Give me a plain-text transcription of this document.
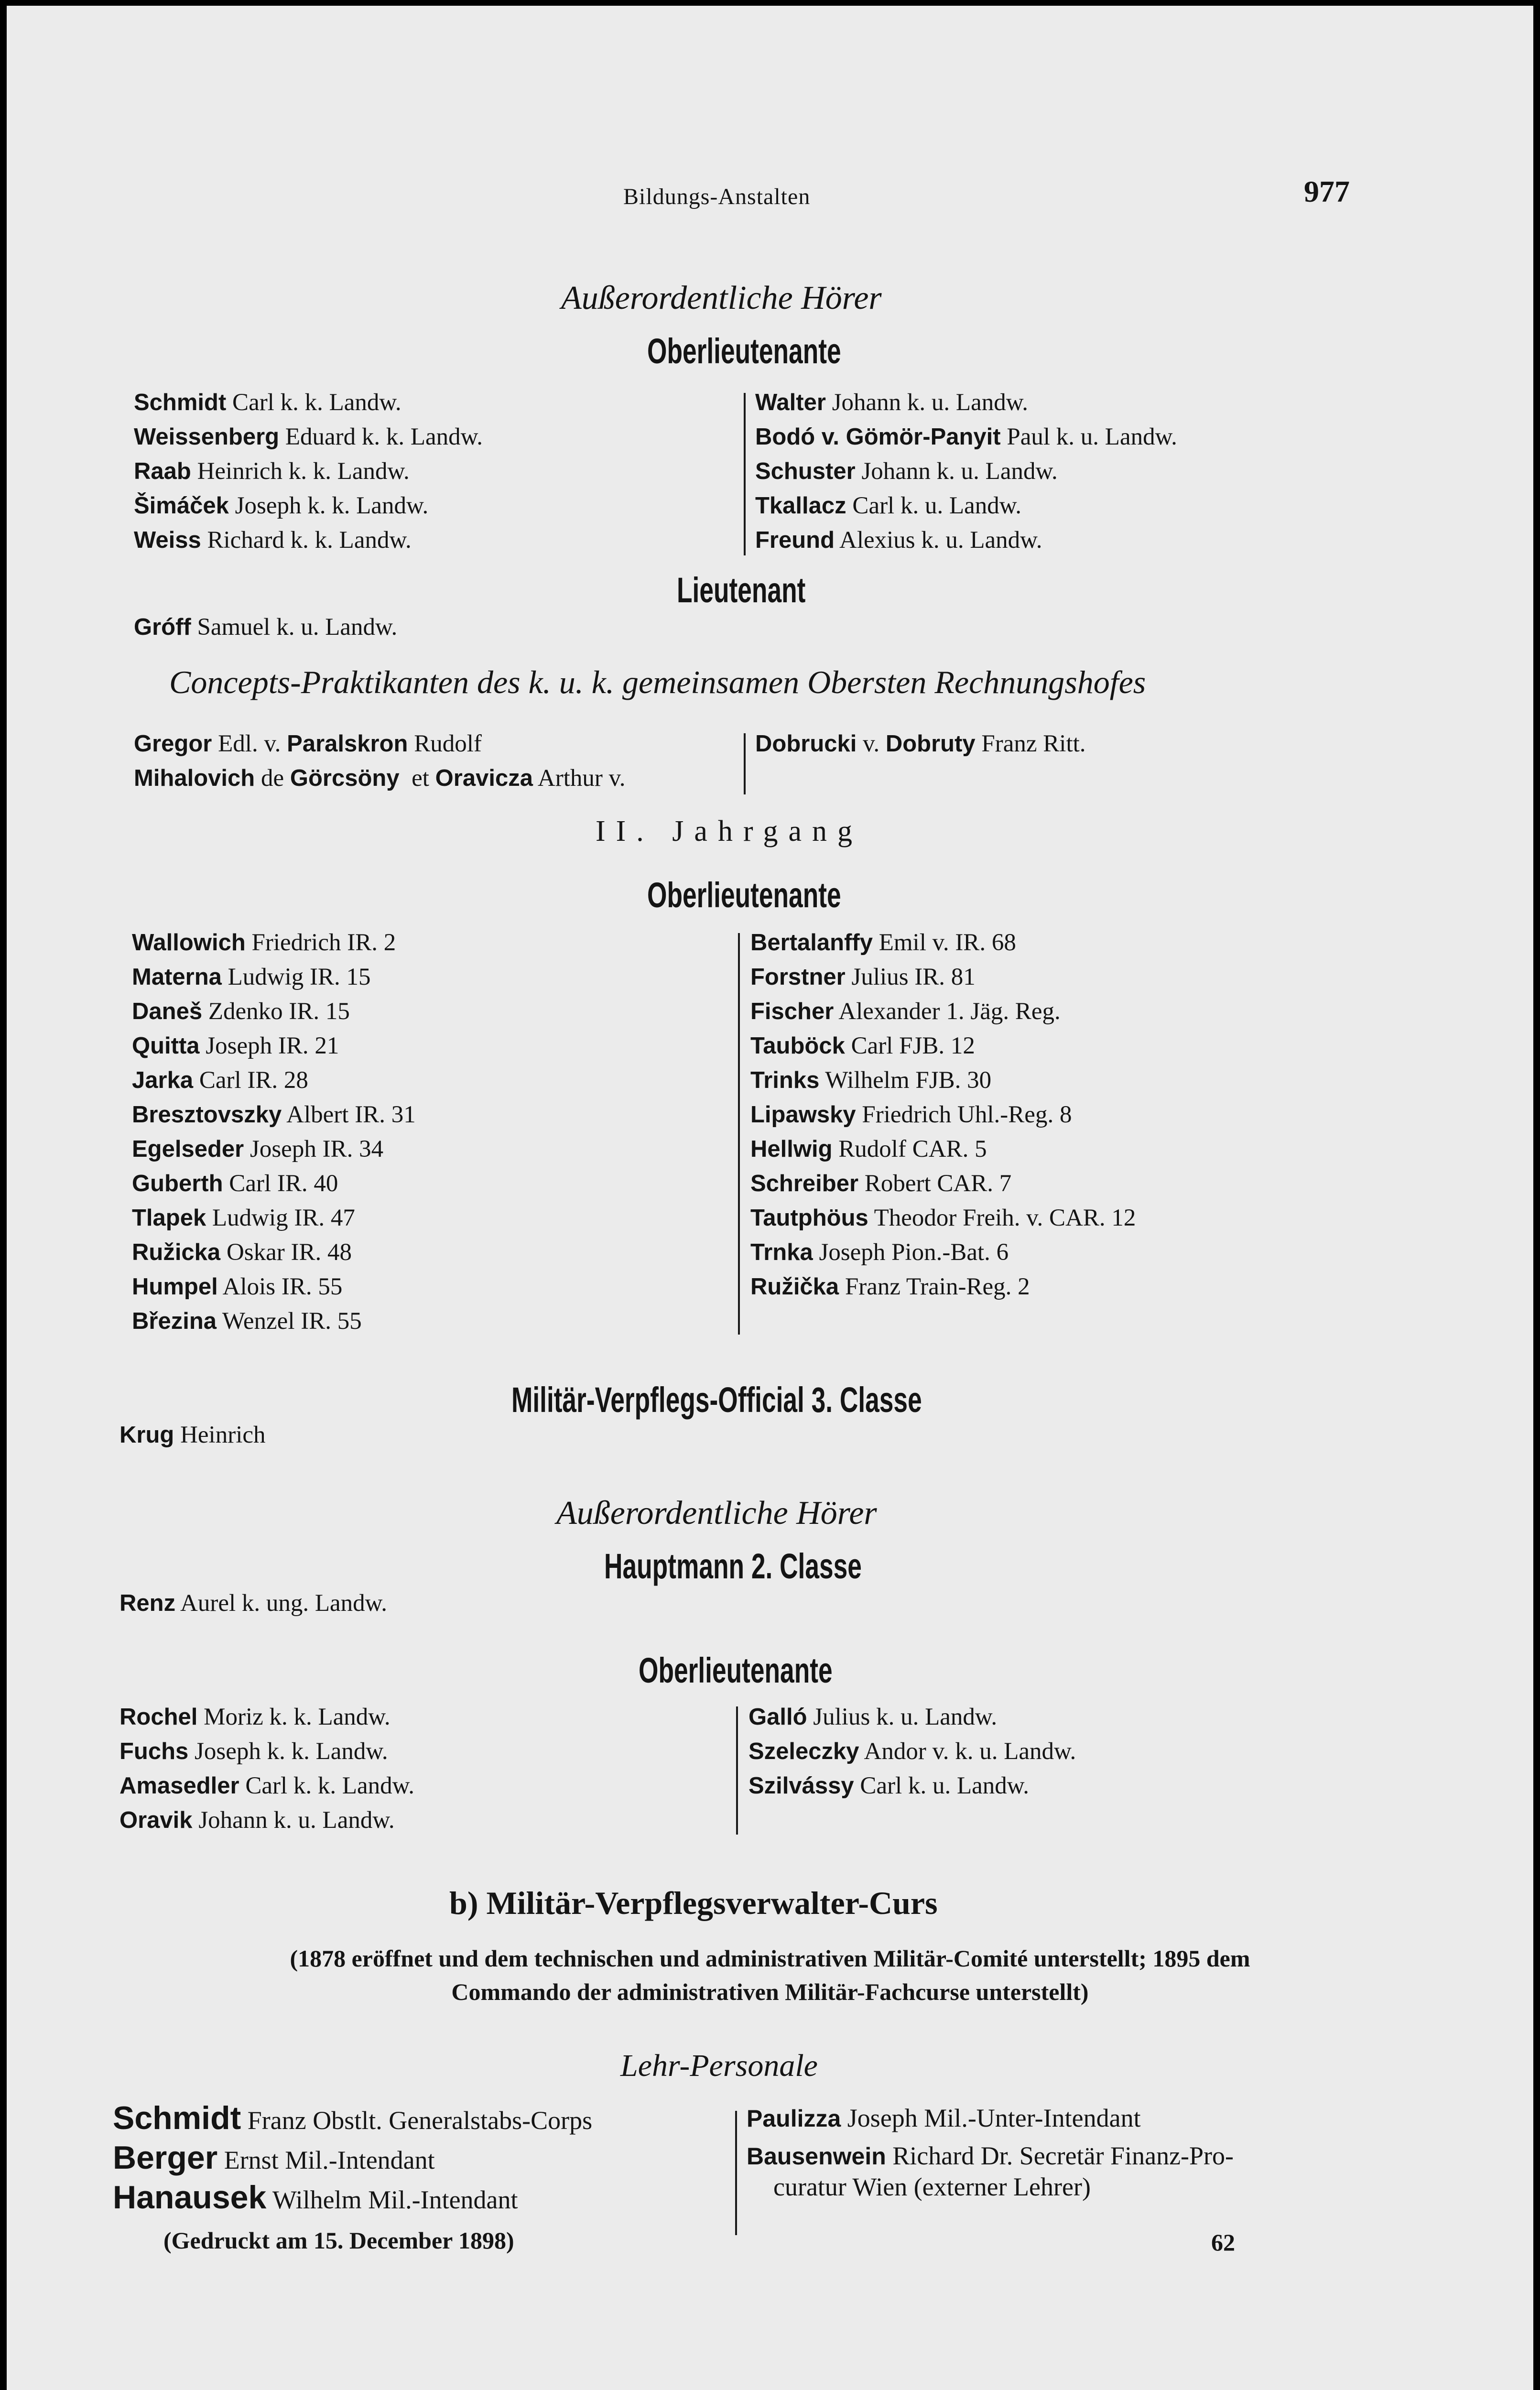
Bildungs-Anstalten	977
Außerordentliche Hörer
Oberlieutenante
Schmidt Carl k. k. Landw.
Weissenberg Eduard k. k. Landw.
Raab Heinrich k. k. Landw.
Šimáček Joseph k. k. Landw.
Weiss Richard k. k. Landw.
Walter Johann k. u. Landw.
Bodó v. Gömör-Panyit Paul k. u. Landw.
Schuster Johann k. u. Landw.
Tkallacz Carl k. u. Landw.
Freund Alexius k. u. Landw.
Lieutenant
Gróff Samuel k. u. Landw.
Concepts-Praktikanten des k. u. k. gemeinsamen Obersten Rechnungshofes
Gregor Edl. v. Paralskron Rudolf
Mihalovich de Görcsöny et Oravicza Arthur v.
Dobrucki v. Dobruty Franz Ritt.
II. Jahrgang
Oberlieutenante
Wallowich Friedrich IR. 2
Materna Ludwig IR. 15
Daneš Zdenko IR. 15
Quitta Joseph IR. 21
Jarka Carl IR. 28
Bresztovszky Albert IR. 31
Egelseder Joseph IR. 34
Guberth Carl IR. 40
Tlapek Ludwig IR. 47
Ružicka Oskar IR. 48
Humpel Alois IR. 55
Březina Wenzel IR. 55
Bertalanffy Emil v. IR. 68
Forstner Julius IR. 81
Fischer Alexander 1. Jäg. Reg.
Tauböck Carl FJB. 12
Trinks Wilhelm FJB. 30
Lipawsky Friedrich Uhl.-Reg. 8
Hellwig Rudolf CAR. 5
Schreiber Robert CAR. 7
Tautphöus Theodor Freih. v. CAR. 12
Trnka Joseph Pion.-Bat. 6
Ružička Franz Train-Reg. 2
Militär-Verpflegs-Official 3. Classe
Krug Heinrich
Außerordentliche Hörer
Hauptmann 2. Classe
Renz Aurel k. ung. Landw.
Oberlieutenante
Rochel Moriz k. k. Landw.
Fuchs Joseph k. k. Landw.
Amasedler Carl k. k. Landw.
Oravik Johann k. u. Landw.
Galló Julius k. u. Landw.
Szeleczky Andor v. k. u. Landw.
Szilvássy Carl k. u. Landw.
b) Militär-Verpflegsverwalter-Curs
(1878 eröffnet und dem technischen und administrativen Militär-Comité unterstellt; 1895 dem
Commando der administrativen Militär-Fachcurse unterstellt)
Lehr-Personale
Schmidt Franz Obstlt. Generalstabs-Corps
Berger Ernst Mil.-Intendant
Hanausek Wilhelm Mil.-Intendant
Paulizza Joseph Mil.-Unter-Intendant
Bausenwein Richard Dr. Secretär Finanz-Pro-
curatur Wien (externer Lehrer)
(Gedruckt am 15. December 1898)	62
